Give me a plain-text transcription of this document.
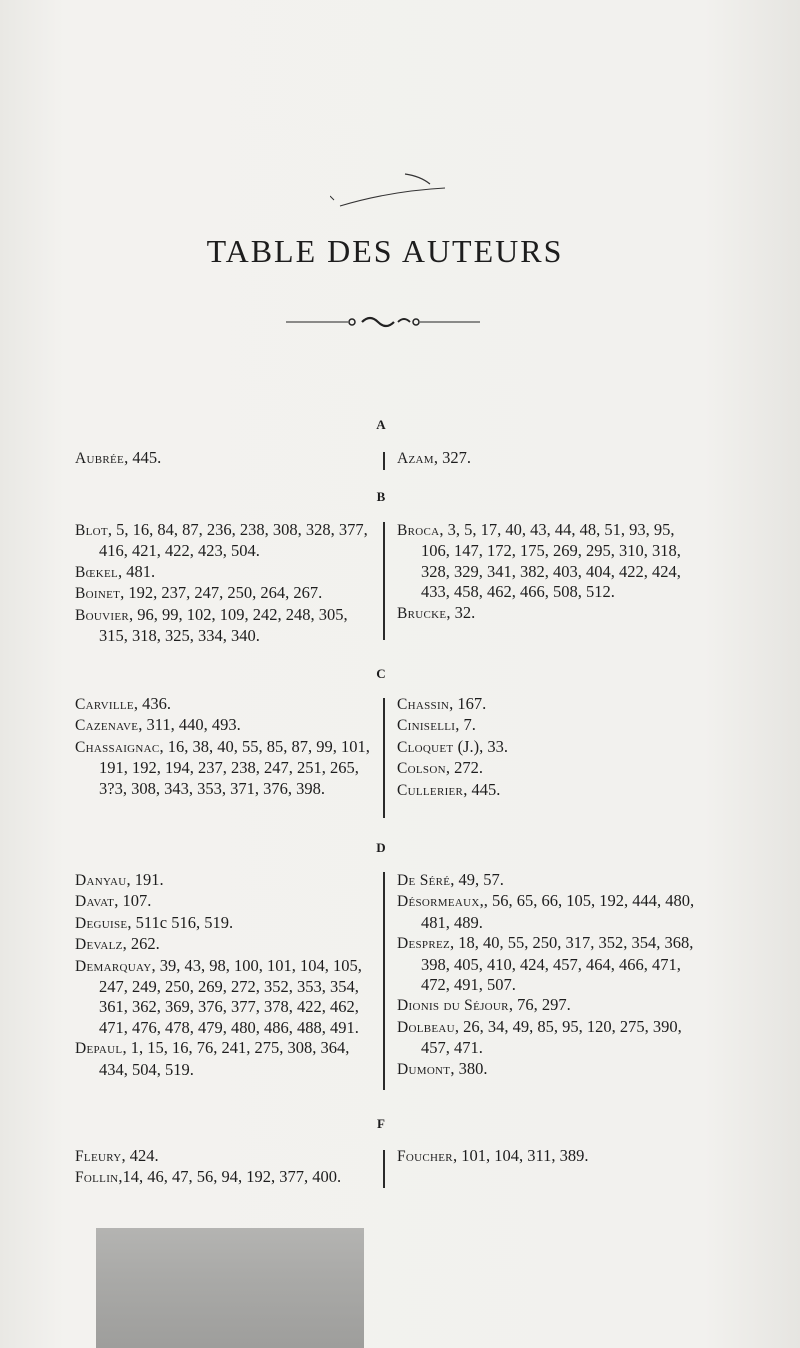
TABLE DES AUTEURS
A
Aubrée, 445.	Azam, 327.
B
Blot, 5, 16, 84, 87, 236, 238, 308, 328, 377, 416, 421, 422, 423, 504.
Bœkel, 481.
Boinet, 192, 237, 247, 250, 264, 267.
Bouvier, 96, 99, 102, 109, 242, 248, 305, 315, 318, 325, 334, 340.
Broca, 3, 5, 17, 40, 43, 44, 48, 51, 93, 95, 106, 147, 172, 175, 269, 295, 310, 318, 328, 329, 341, 382, 403, 404, 422, 424, 433, 458, 462, 466, 508, 512.
Brucke, 32.
C
Carville, 436.
Cazenave, 311, 440, 493.
Chassaignac, 16, 38, 40, 55, 85, 87, 99, 101, 191, 192, 194, 237, 238, 247, 251, 265, 3?3, 308, 343, 353, 371, 376, 398.
Chassin, 167.
Ciniselli, 7.
Cloquet (J.), 33.
Colson, 272.
Cullerier, 445.
D
Danyau, 191.
Davat, 107.
Deguise, 511c 516, 519.
Devalz, 262.
Demarquay, 39, 43, 98, 100, 101, 104, 105, 247, 249, 250, 269, 272, 352, 353, 354, 361, 362, 369, 376, 377, 378, 422, 462, 471, 476, 478, 479, 480, 486, 488, 491.
Depaul, 1, 15, 16, 76, 241, 275, 308, 364, 434, 504, 519.
De Séré, 49, 57.
Désormeaux,, 56, 65, 66, 105, 192, 444, 480, 481, 489.
Desprez, 18, 40, 55, 250, 317, 352, 354, 368, 398, 405, 410, 424, 457, 464, 466, 471, 472, 491, 507.
Dionis du Séjour, 76, 297.
Dolbeau, 26, 34, 49, 85, 95, 120, 275, 390, 457, 471.
Dumont, 380.
F
Fleury, 424.
Follin,14, 46, 47, 56, 94, 192, 377, 400.
Foucher, 101, 104, 311, 389.
